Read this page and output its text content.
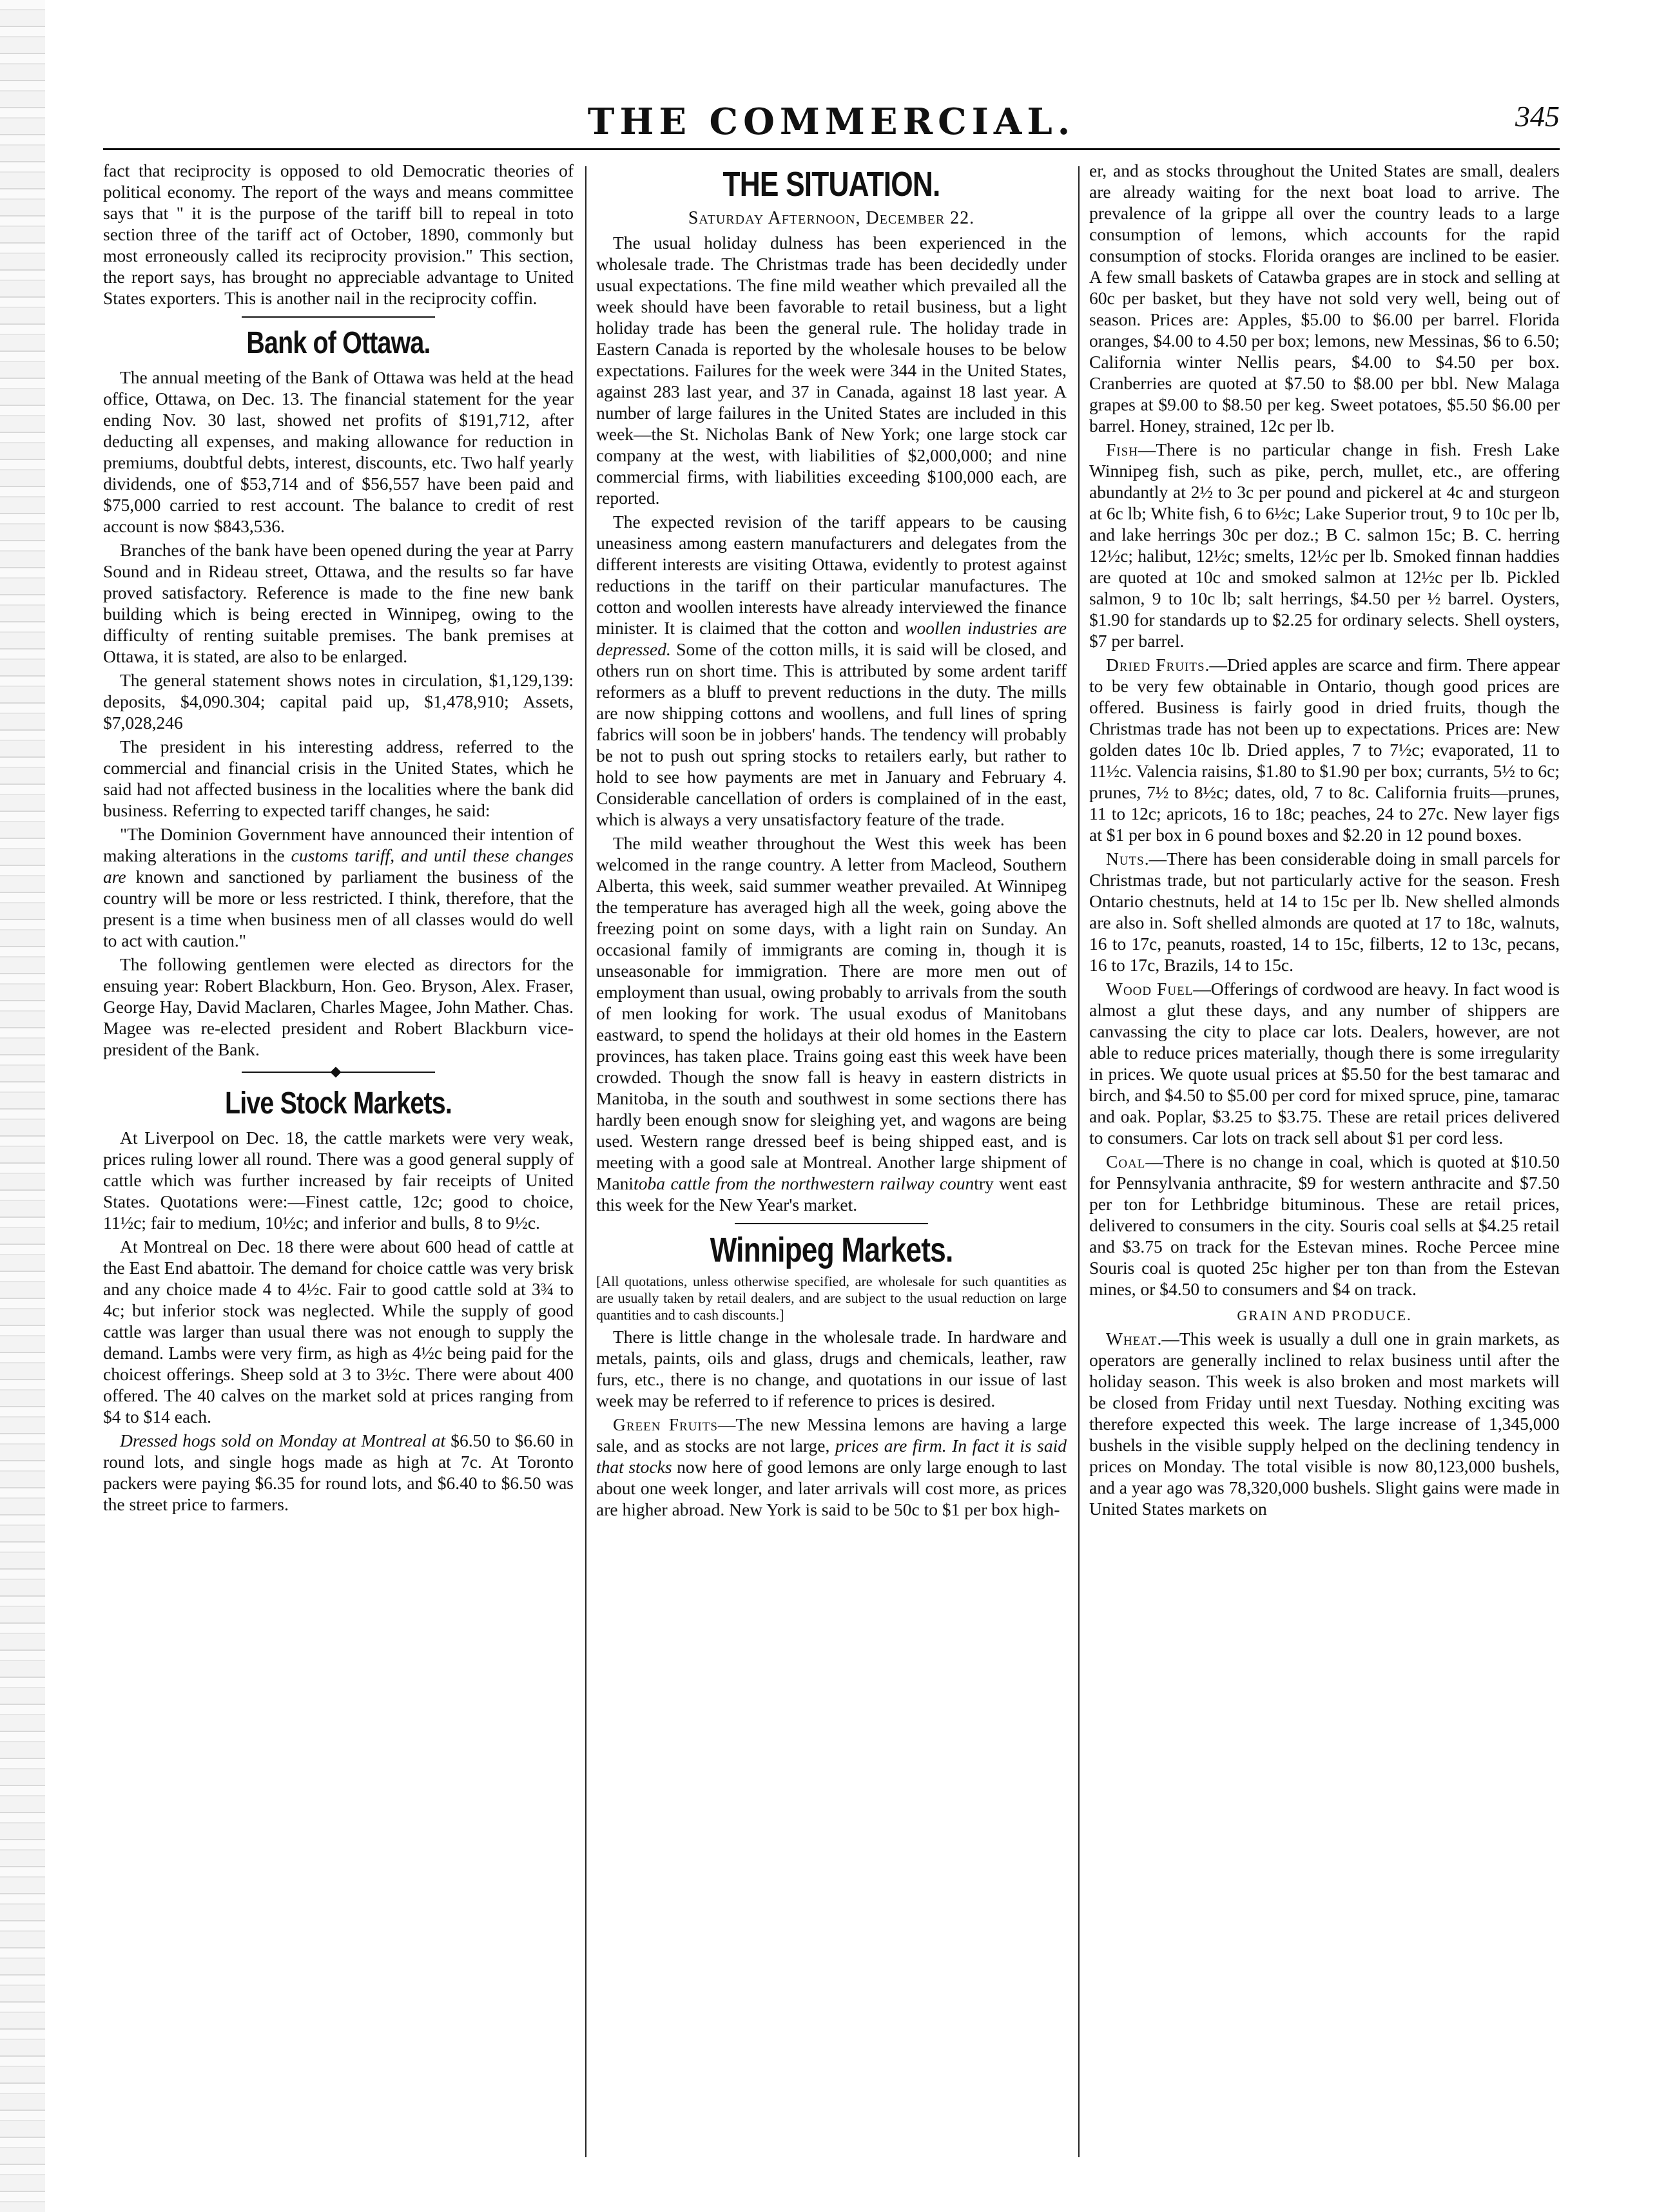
THE COMMERCIAL.	345

fact that reciprocity is opposed to old Democratic theories of political economy. The report of the ways and means committee says that " it is the purpose of the tariff bill to repeal in toto section three of the tariff act of October, 1890, commonly but most erroneously called its reciprocity provision." This section, the report says, has brought no appreciable advantage to United States exporters. This is another nail in the reciprocity coffin.

Bank of Ottawa.

The annual meeting of the Bank of Ottawa was held at the head office, Ottawa, on Dec. 13. The financial statement for the year ending Nov. 30 last, showed net profits of $191,712, after deducting all expenses, and making allowance for reduction in premiums, doubtful debts, interest, discounts, etc. Two half yearly dividends, one of $53,714 and of $56,557 have been paid and $75,000 carried to rest account. The balance to credit of rest account is now $843,536.

Branches of the bank have been opened during the year at Parry Sound and in Rideau street, Ottawa, and the results so far have proved satisfactory. Reference is made to the fine new bank building which is being erected in Winnipeg, owing to the difficulty of renting suitable premises. The bank premises at Ottawa, it is stated, are also to be enlarged.

The general statement shows notes in circulation, $1,129,139: deposits, $4,090.304; capital paid up, $1,478,910; Assets, $7,028,246

The president in his interesting address, referred to the commercial and financial crisis in the United States, which he said had not affected business in the localities where the bank did business. Referring to expected tariff changes, he said:

"The Dominion Government have announced their intention of making alterations in the customs tariff, and until these changes are known and sanctioned by parliament the business of the country will be more or less restricted. I think, therefore, that the present is a time when business men of all classes would do well to act with caution."

The following gentlemen were elected as directors for the ensuing year: Robert Blackburn, Hon. Geo. Bryson, Alex. Fraser, George Hay, David Maclaren, Charles Magee, John Mather. Chas. Magee was re-elected president and Robert Blackburn vice-president of the Bank.

Live Stock Markets.

At Liverpool on Dec. 18, the cattle markets were very weak, prices ruling lower all round. There was a good general supply of cattle which was further increased by fair receipts of United States. Quotations were:—Finest cattle, 12c; good to choice, 11½c; fair to medium, 10½c; and inferior and bulls, 8 to 9½c.

At Montreal on Dec. 18 there were about 600 head of cattle at the East End abattoir. The demand for choice cattle was very brisk and any choice made 4 to 4½c. Fair to good cattle sold at 3¾ to 4c; but inferior stock was neglected. While the supply of good cattle was larger than usual there was not enough to supply the demand. Lambs were very firm, as high as 4½c being paid for the choicest offerings. Sheep sold at 3 to 3½c. There were about 400 offered. The 40 calves on the market sold at prices ranging from $4 to $14 each.

Dressed hogs sold on Monday at Montreal at $6.50 to $6.60 in round lots, and single hogs made as high at 7c. At Toronto packers were paying $6.35 for round lots, and $6.40 to $6.50 was the street price to farmers.

THE SITUATION.
Saturday Afternoon, December 22.

The usual holiday dulness has been experienced in the wholesale trade. The Christmas trade has been decidedly under usual expectations. The fine mild weather which prevailed all the week should have been favorable to retail business, but a light holiday trade has been the general rule. The holiday trade in Eastern Canada is reported by the wholesale houses to be below expectations. Failures for the week were 344 in the United States, against 283 last year, and 37 in Canada, against 18 last year. A number of large failures in the United States are included in this week—the St. Nicholas Bank of New York; one large stock car company at the west, with liabilities of $2,000,000; and nine commercial firms, with liabilities exceeding $100,000 each, are reported.

The expected revision of the tariff appears to be causing uneasiness among eastern manufacturers and delegates from the different interests are visiting Ottawa, evidently to protest against reductions in the tariff on their particular manufactures. The cotton and woollen interests have already interviewed the finance minister. It is claimed that the cotton and woollen industries are depressed. Some of the cotton mills, it is said will be closed, and others run on short time. This is attributed by some ardent tariff reformers as a bluff to prevent reductions in the duty. The mills are now shipping cottons and woollens, and full lines of spring fabrics will soon be in jobbers' hands. The tendency will probably be not to push out spring stocks to retailers early, but rather to hold to see how payments are met in January and February 4. Considerable cancellation of orders is complained of in the east, which is always a very unsatisfactory feature of the trade.

The mild weather throughout the West this week has been welcomed in the range country. A letter from Macleod, Southern Alberta, this week, said summer weather prevailed. At Winnipeg the temperature has averaged high all the week, going above the freezing point on some days, with a light rain on Sunday. An occasional family of immigrants are coming in, though it is unseasonable for immigration. There are more men out of employment than usual, owing probably to arrivals from the south of men looking for work. The usual exodus of Manitobans eastward, to spend the holidays at their old homes in the Eastern provinces, has taken place. Trains going east this week have been crowded. Though the snow fall is heavy in eastern districts in Manitoba, in the south and southwest in some sections there has hardly been enough snow for sleighing yet, and wagons are being used. Western range dressed beef is being shipped east, and is meeting with a good sale at Montreal. Another large shipment of Manitoba cattle from the northwestern railway country went east this week for the New Year's market.

Winnipeg Markets.

[All quotations, unless otherwise specified, are wholesale for such quantities as are usually taken by retail dealers, and are subject to the usual reduction on large quantities and to cash discounts.]

There is little change in the wholesale trade. In hardware and metals, paints, oils and glass, drugs and chemicals, leather, raw furs, etc., there is no change, and quotations in our issue of last week may be referred to if reference to prices is desired.

Green Fruits—The new Messina lemons are having a large sale, and as stocks are not large, prices are firm. In fact it is said that stocks now here of good lemons are only large enough to last about one week longer, and later arrivals will cost more, as prices are higher abroad. New York is said to be 50c to $1 per box high-

er, and as stocks throughout the United States are small, dealers are already waiting for the next boat load to arrive. The prevalence of la grippe all over the country leads to a large consumption of lemons, which accounts for the rapid consumption of stocks. Florida oranges are inclined to be easier. A few small baskets of Catawba grapes are in stock and selling at 60c per basket, but they have not sold very well, being out of season. Prices are: Apples, $5.00 to $6.00 per barrel. Florida oranges, $4.00 to 4.50 per box; lemons, new Messinas, $6 to 6.50; California winter Nellis pears, $4.00 to $4.50 per box. Cranberries are quoted at $7.50 to $8.00 per bbl. New Malaga grapes at $9.00 to $8.50 per keg. Sweet potatoes, $5.50 $6.00 per barrel. Honey, strained, 12c per lb.

Fish—There is no particular change in fish. Fresh Lake Winnipeg fish, such as pike, perch, mullet, etc., are offering abundantly at 2½ to 3c per pound and pickerel at 4c and sturgeon at 6c lb; White fish, 6 to 6½c; Lake Superior trout, 9 to 10c per lb, and lake herrings 30c per doz.; B C. salmon 15c; B. C. herring 12½c; halibut, 12½c; smelts, 12½c per lb. Smoked finnan haddies are quoted at 10c and smoked salmon at 12½c per lb. Pickled salmon, 9 to 10c lb; salt herrings, $4.50 per ½ barrel. Oysters, $1.90 for standards up to $2.25 for ordinary selects. Shell oysters, $7 per barrel.

Dried Fruits.—Dried apples are scarce and firm. There appear to be very few obtainable in Ontario, though good prices are offered. Business is fairly good in dried fruits, though the Christmas trade has not been up to expectations. Prices are: New golden dates 10c lb. Dried apples, 7 to 7½c; evaporated, 11 to 11½c. Valencia raisins, $1.80 to $1.90 per box; currants, 5½ to 6c; prunes, 7½ to 8½c; dates, old, 7 to 8c. California fruits—prunes, 11 to 12c; apricots, 16 to 18c; peaches, 24 to 27c. New layer figs at $1 per box in 6 pound boxes and $2.20 in 12 pound boxes.

Nuts.—There has been considerable doing in small parcels for Christmas trade, but not particularly active for the season. Fresh Ontario chestnuts, held at 14 to 15c per lb. New shelled almonds are also in. Soft shelled almonds are quoted at 17 to 18c, walnuts, 16 to 17c, peanuts, roasted, 14 to 15c, filberts, 12 to 13c, pecans, 16 to 17c, Brazils, 14 to 15c.

Wood Fuel—Offerings of cordwood are heavy. In fact wood is almost a glut these days, and any number of shippers are canvassing the city to place car lots. Dealers, however, are not able to reduce prices materially, though there is some irregularity in prices. We quote usual prices at $5.50 for the best tamarac and birch, and $4.50 to $5.00 per cord for mixed spruce, pine, tamarac and oak. Poplar, $3.25 to $3.75. These are retail prices delivered to consumers. Car lots on track sell about $1 per cord less.

Coal—There is no change in coal, which is quoted at $10.50 for Pennsylvania anthracite, $9 for western anthracite and $7.50 per ton for Lethbridge bituminous. These are retail prices, delivered to consumers in the city. Souris coal sells at $4.25 retail and $3.75 on track for the Estevan mines. Roche Percee mine Souris coal is quoted 25c higher per ton than from the Estevan mines, or $4.50 to consumers and $4 on track.

GRAIN AND PRODUCE.

Wheat.—This week is usually a dull one in grain markets, as operators are generally inclined to relax business until after the holiday season. This week is also broken and most markets will be closed from Friday until next Tuesday. Nothing exciting was therefore expected this week. The large increase of 1,345,000 bushels in the visible supply helped on the declining tendency in prices on Monday. The total visible is now 80,123,000 bushels, and a year ago was 78,320,000 bushels. Slight gains were made in United States markets on
